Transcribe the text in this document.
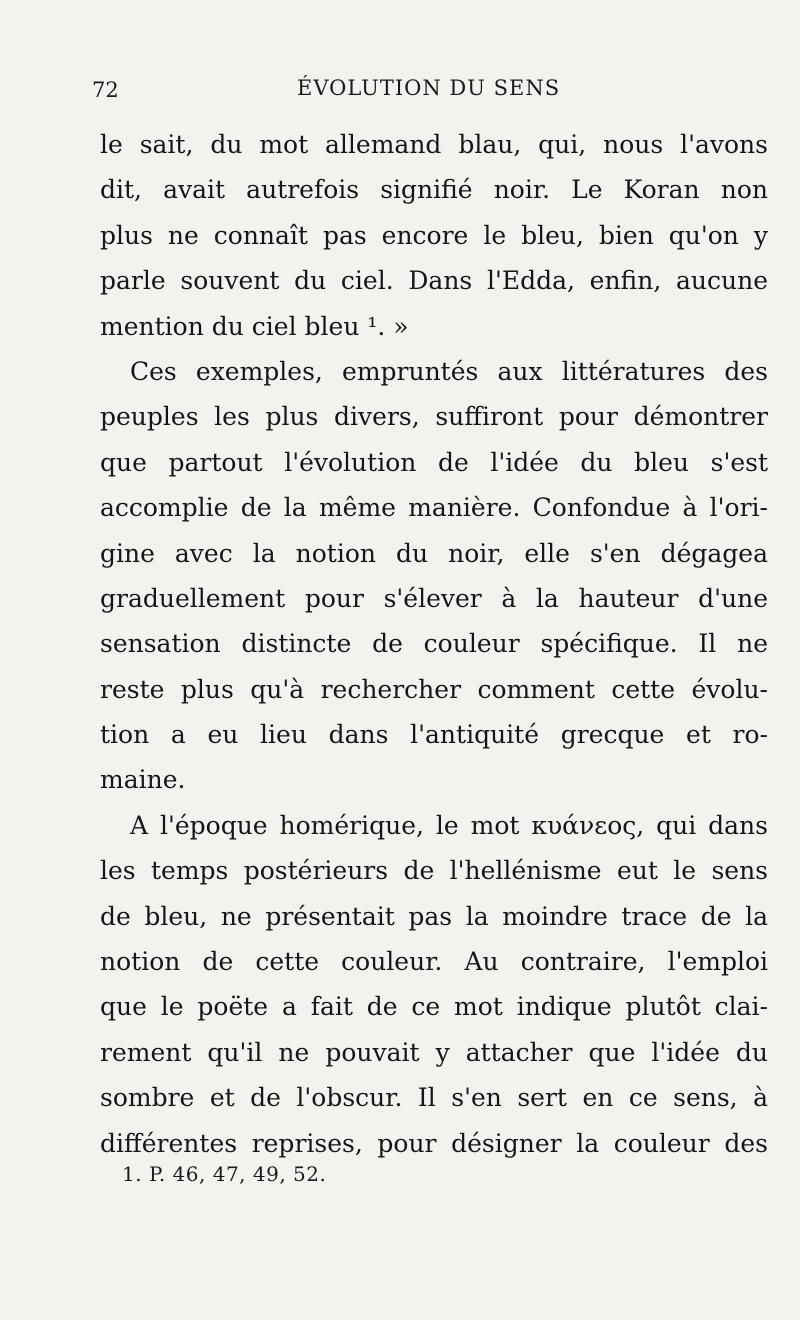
72	ÉVOLUTION DU SENS
le sait, du mot allemand blau, qui, nous l'avons
dit, avait autrefois signifié noir. Le Koran non
plus ne connaît pas encore le bleu, bien qu'on y
parle souvent du ciel. Dans l'Edda, enfin, aucune
mention du ciel bleu ¹. »
Ces exemples, empruntés aux littératures des
peuples les plus divers, suffiront pour démontrer
que partout l'évolution de l'idée du bleu s'est
accomplie de la même manière. Confondue à l'ori-
gine avec la notion du noir, elle s'en dégagea
graduellement pour s'élever à la hauteur d'une
sensation distincte de couleur spécifique. Il ne
reste plus qu'à rechercher comment cette évolu-
tion a eu lieu dans l'antiquité grecque et ro-
maine.
A l'époque homérique, le mot κυάνεος, qui dans
les temps postérieurs de l'hellénisme eut le sens
de bleu, ne présentait pas la moindre trace de la
notion de cette couleur. Au contraire, l'emploi
que le poëte a fait de ce mot indique plutôt clai-
rement qu'il ne pouvait y attacher que l'idée du
sombre et de l'obscur. Il s'en sert en ce sens, à
différentes reprises, pour désigner la couleur des
1. P. 46, 47, 49, 52.
